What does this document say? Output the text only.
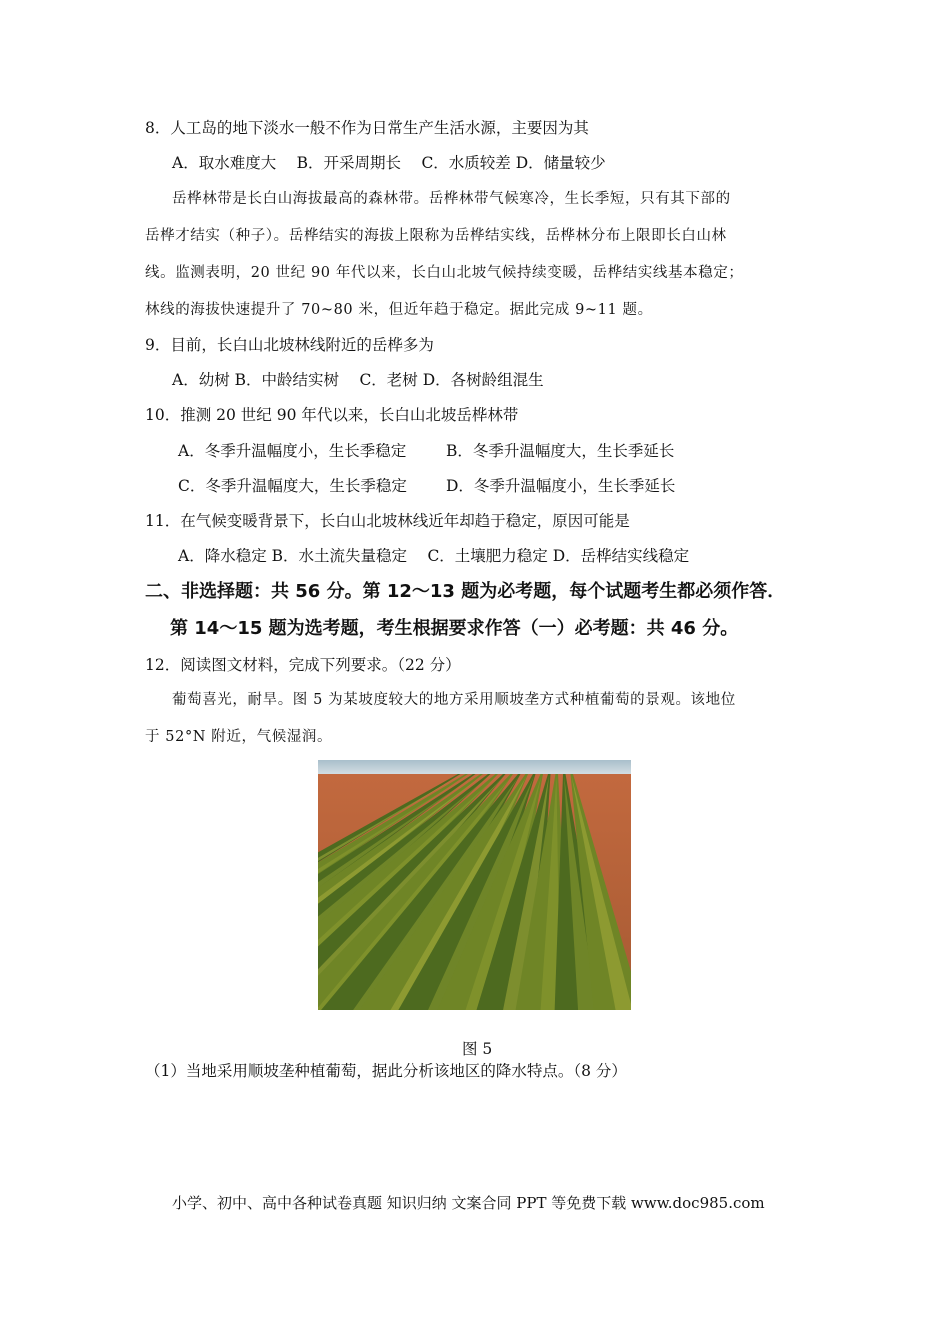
8．人工岛的地下淡水一般不作为日常生产生活水源，主要因为其
A．取水难度大　 B．开采周期长　 C．水质较差 D．储量较少
岳桦林带是长白山海拔最高的森林带。岳桦林带气候寒冷，生长季短，只有其下部的
岳桦才结实（种子）。岳桦结实的海拔上限称为岳桦结实线，岳桦林分布上限即长白山林
线。监测表明，20 世纪 90 年代以来，长白山北坡气候持续变暖，岳桦结实线基本稳定；
林线的海拔快速提升了 70~80 米，但近年趋于稳定。据此完成 9~11 题。
9．目前，长白山北坡林线附近的岳桦多为
A．幼树 B．中龄结实树　 C．老树 D．各树龄组混生
10．推测 20 世纪 90 年代以来，长白山北坡岳桦林带
A．冬季升温幅度小，生长季稳定	B．冬季升温幅度大，生长季延长
C．冬季升温幅度大，生长季稳定	D．冬季升温幅度小，生长季延长
11．在气候变暖背景下，长白山北坡林线近年却趋于稳定，原因可能是
A．降水稳定 B．水土流失量稳定　 C．土壤肥力稳定 D．岳桦结实线稳定
二、非选择题：共 56 分。第 12～13 题为必考题，每个试题考生都必须作答．
第 14～15 题为选考题，考生根据要求作答（一）必考题：共 46 分。
12．阅读图文材料，完成下列要求。（22 分）
葡萄喜光，耐旱。图 5 为某坡度较大的地方采用顺坡垄方式种植葡萄的景观。该地位
于 52°N 附近，气候湿润。
图 5
（1）当地采用顺坡垄种植葡萄，据此分析该地区的降水特点。（8 分）
小学、初中、高中各种试卷真题 知识归纳 文案合同 PPT 等免费下载 www.doc985.com
